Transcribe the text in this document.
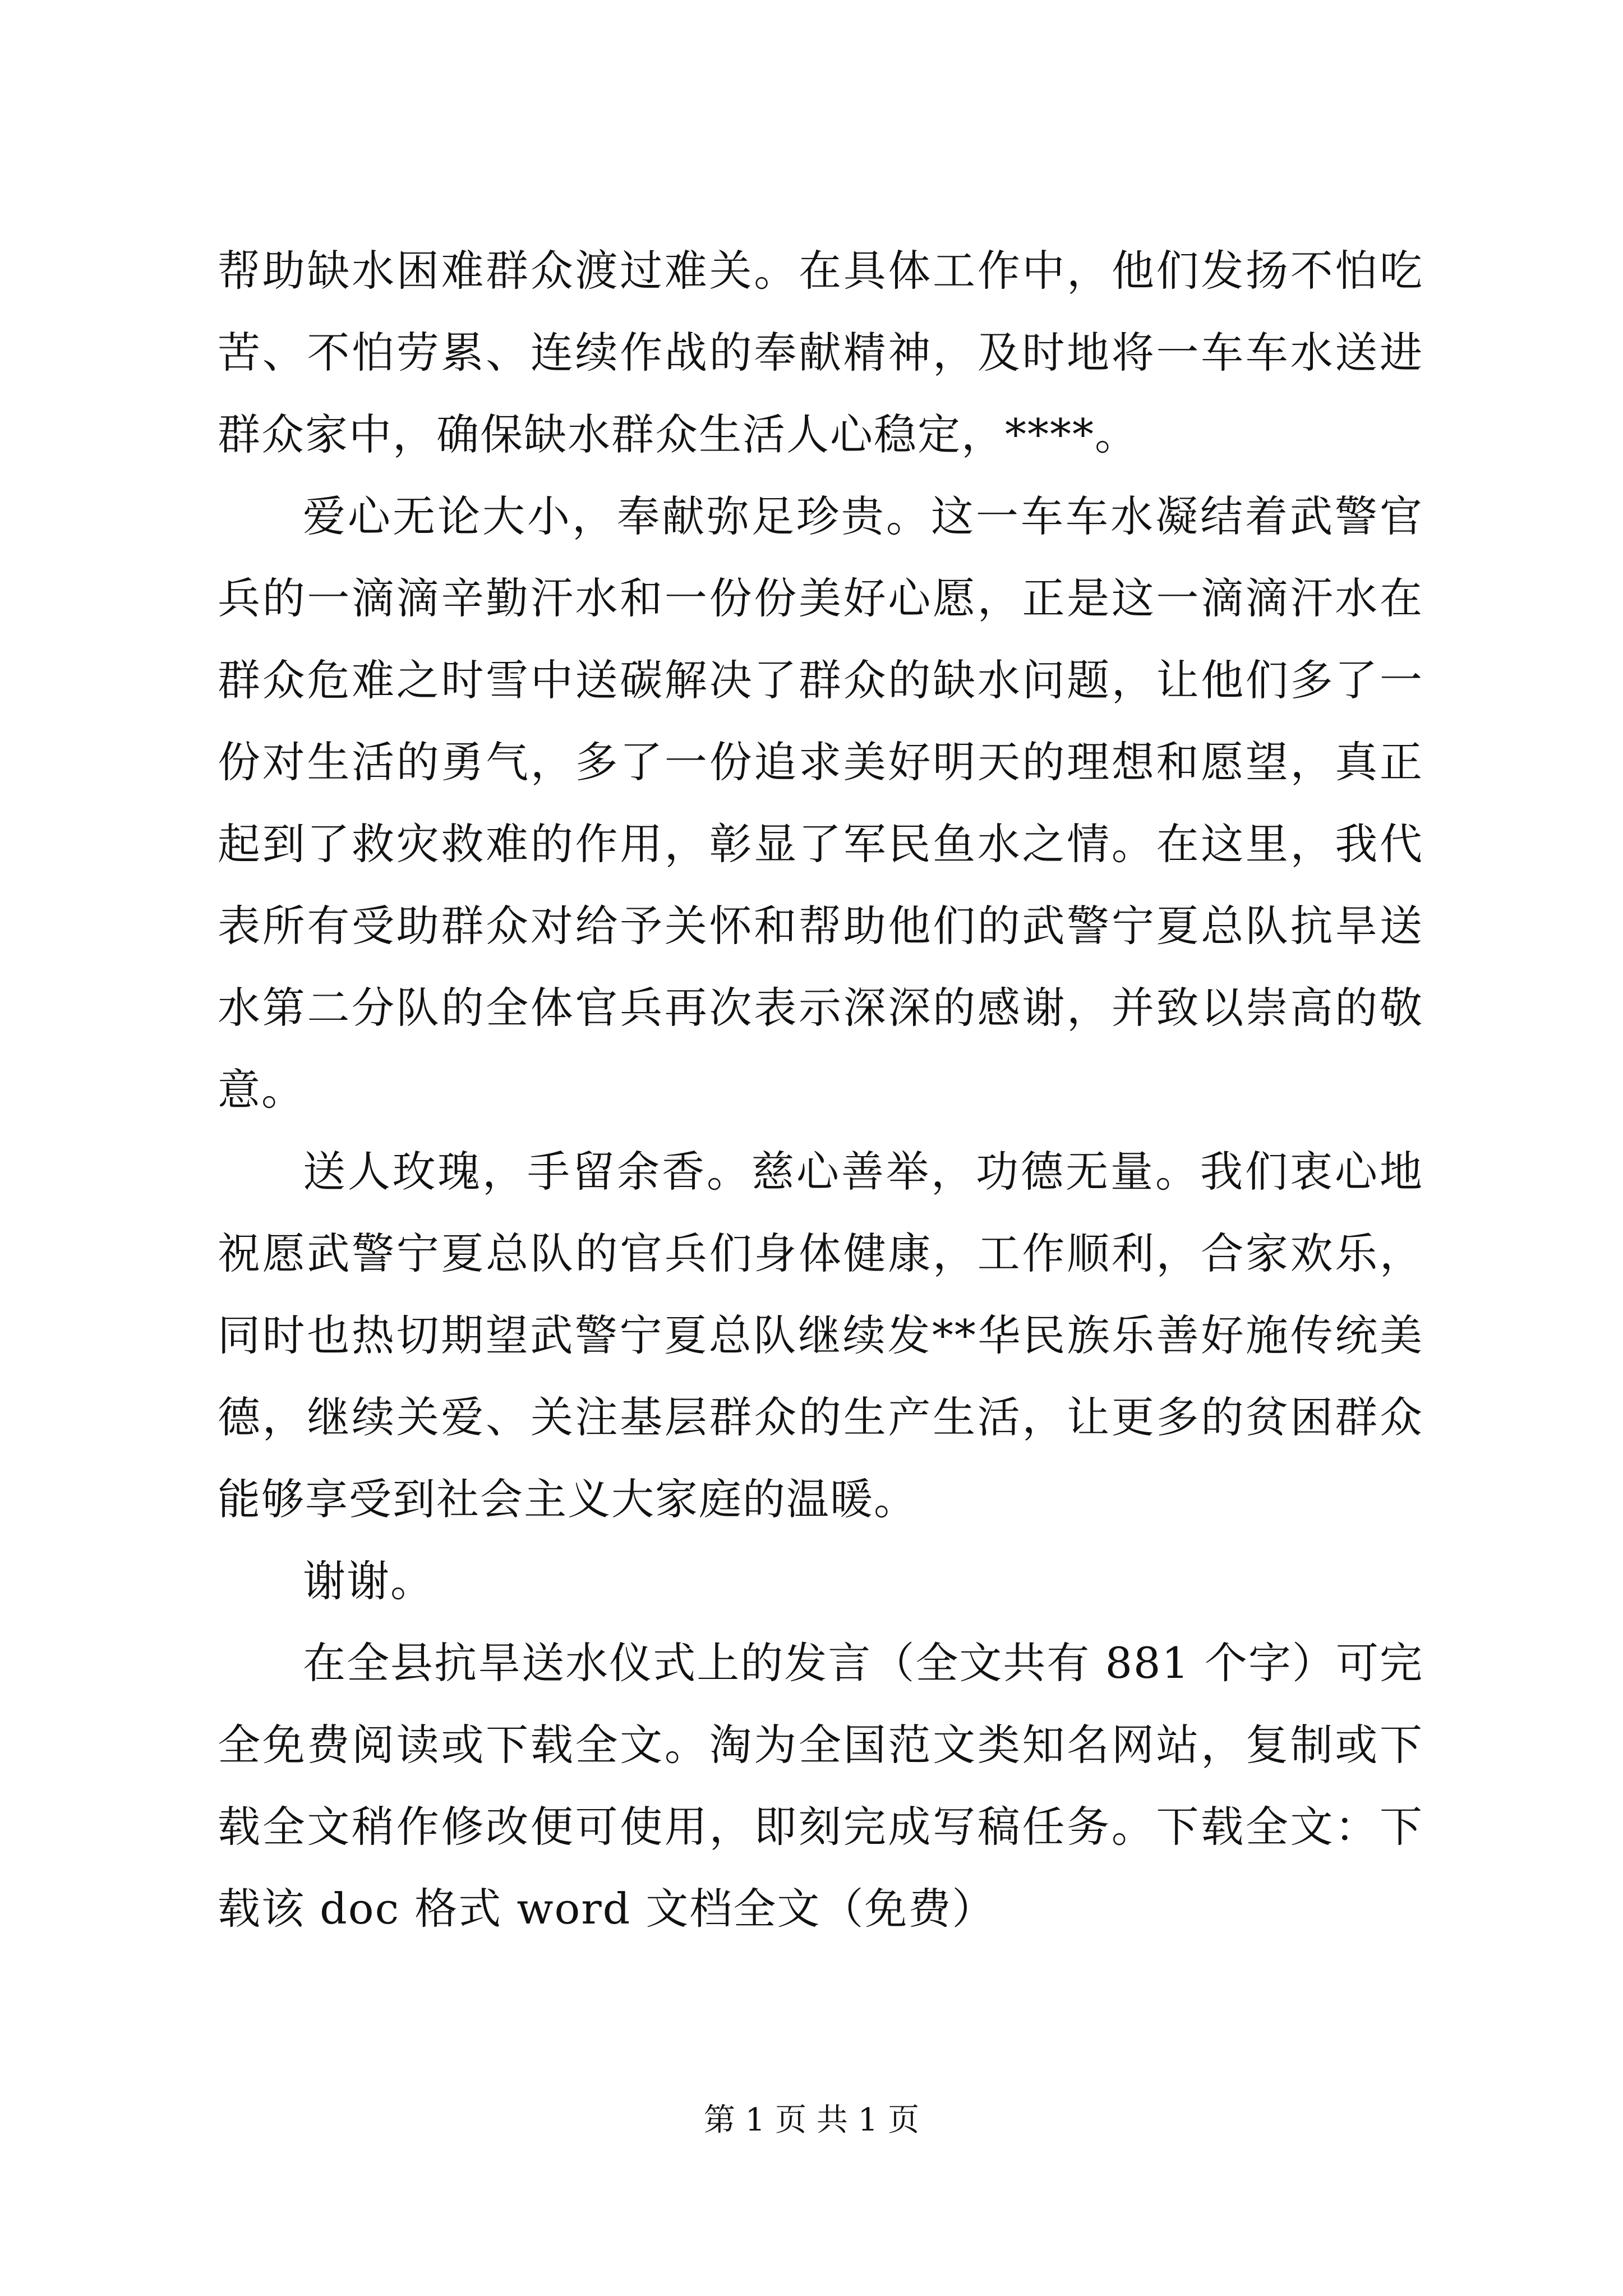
帮助缺水困难群众渡过难关。在具体工作中，他们发扬不怕吃苦、不怕劳累、连续作战的奉献精神，及时地将一车车水送进群众家中，确保缺水群众生活人心稳定，****。

爱心无论大小，奉献弥足珍贵。这一车车水凝结着武警官兵的一滴滴辛勤汗水和一份份美好心愿，正是这一滴滴汗水在群众危难之时雪中送碳解决了群众的缺水问题，让他们多了一份对生活的勇气，多了一份追求美好明天的理想和愿望，真正起到了救灾救难的作用，彰显了军民鱼水之情。在这里，我代表所有受助群众对给予关怀和帮助他们的武警宁夏总队抗旱送水第二分队的全体官兵再次表示深深的感谢，并致以崇高的敬意。

送人玫瑰，手留余香。慈心善举，功德无量。我们衷心地祝愿武警宁夏总队的官兵们身体健康，工作顺利，合家欢乐，同时也热切期望武警宁夏总队继续发**华民族乐善好施传统美德，继续关爱、关注基层群众的生产生活，让更多的贫困群众能够享受到社会主义大家庭的温暖。

谢谢。

在全县抗旱送水仪式上的发言（全文共有 881 个字）可完全免费阅读或下载全文。淘为全国范文类知名网站，复制或下载全文稍作修改便可使用，即刻完成写稿任务。下载全文：下载该 doc 格式 word 文档全文（免费）

第 1 页 共 1 页
